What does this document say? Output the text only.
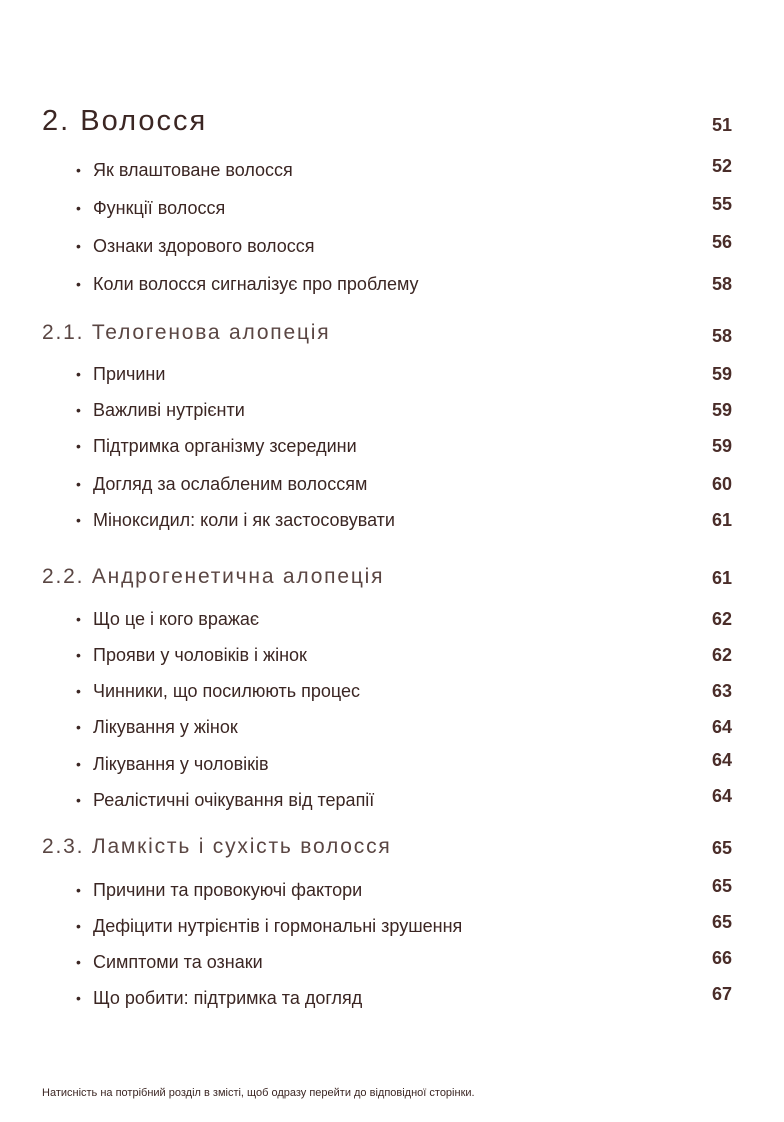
2. Волосся	51
• Як влаштоване волосся	52
• Функції волосся	55
• Ознаки здорового волосся	56
• Коли волосся сигналізує про проблему	58
2.1. Телогенова алопеція	58
• Причини	59
• Важливі нутрієнти	59
• Підтримка організму зсередини	59
• Догляд за ослабленим волоссям	60
• Міноксидил: коли і як застосовувати	61
2.2. Андрогенетична алопеція	61
• Що це і кого вражає	62
• Прояви у чоловіків і жінок	62
• Чинники, що посилюють процес	63
• Лікування у жінок	64
• Лікування у чоловіків	64
• Реалістичні очікування від терапії	64
2.3. Ламкість і сухість волосся	65
• Причини та провокуючі фактори	65
• Дефіцити нутрієнтів і гормональні зрушення	65
• Симптоми та ознаки	66
• Що робити: підтримка та догляд	67
Натисність на потрібний розділ в змісті, щоб одразу перейти до відповідної сторінки.
